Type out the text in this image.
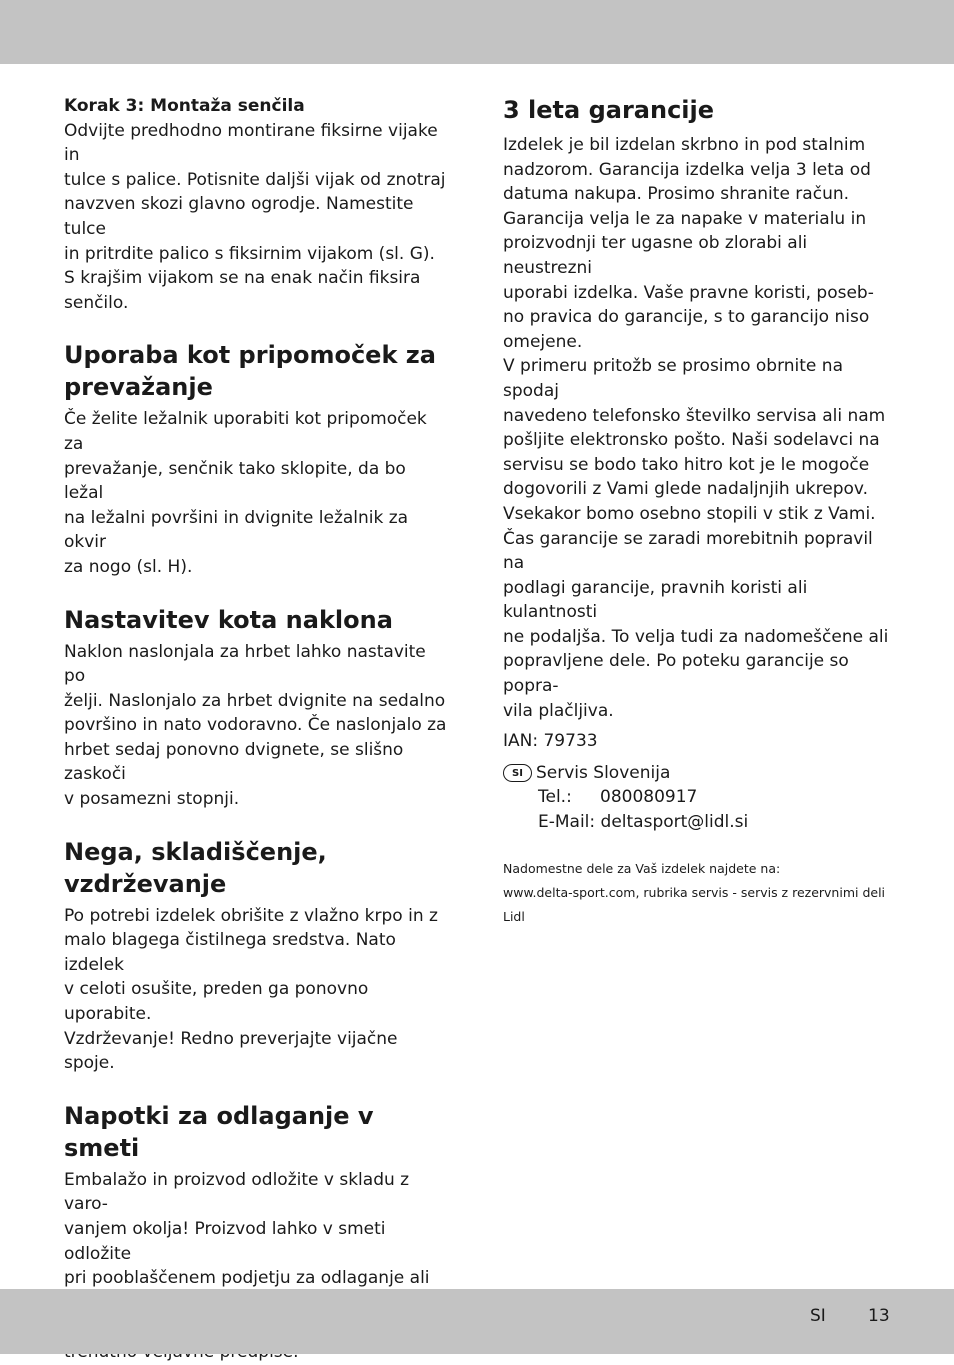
Korak 3: Montaža senčila

Odvijte predhodno montirane fiksirne vijake in

tulce s palice. Potisnite daljši vijak od znotraj

navzven skozi glavno ogrodje. Namestite tulce

in pritrdite palico s fiksirnim vijakom (sl. G).

S krajšim vijakom se na enak način fiksira

senčilo.

Uporaba kot pripomoček za
prevažanje

Če želite ležalnik uporabiti kot pripomoček za

prevažanje, senčnik tako sklopite, da bo ležal

na ležalni površini in dvignite ležalnik za okvir

za nogo (sl. H).

Nastavitev kota naklona

Naklon naslonjala za hrbet lahko nastavite po

želji. Naslonjalo za hrbet dvignite na sedalno

površino in nato vodoravno. Če naslonjalo za

hrbet sedaj ponovno dvignete, se slišno zaskoči

v posamezni stopnji.

Nega, skladiščenje,
vzdrževanje

Po potrebi izdelek obrišite z vlažno krpo in z

malo blagega čistilnega sredstva. Nato izdelek

v celoti osušite, preden ga ponovno uporabite.

Vzdrževanje! Redno preverjajte vijačne spoje.

Napotki za odlaganje v smeti

Embalažo in proizvod odložite v skladu z varo-

vanjem okolja! Proizvod lahko v smeti odložite

pri pooblaščenem podjetju za odlaganje ali

3 leta garancije

Izdelek je bil izdelan skrbno in pod stalnim

nadzorom. Garancija izdelka velja 3 leta od

datuma nakupa. Prosimo shranite račun.

Garancija velja le za napake v materialu in

proizvodnji ter ugasne ob zlorabi ali neustrezni

uporabi izdelka. Vaše pravne koristi, poseb-

no pravica do garancije, s to garancijo niso

omejene.

V primeru pritožb se prosimo obrnite na spodaj

navedeno telefonsko številko servisa ali nam

pošljite elektronsko pošto. Naši sodelavci na

servisu se bodo tako hitro kot je le mogoče

dogovorili z Vami glede nadaljnjih ukrepov.

Vsekakor bomo osebno stopili v stik z Vami.

Čas garancije se zaradi morebitnih popravil na

podlagi garancije, pravnih koristi ali kulantnosti

ne podaljša. To velja tudi za nadomeščene ali

popravljene dele. Po poteku garancije so popra-

vila plačljiva.

IAN: 79733

SI Servis Slovenija
Tel.:	080080917
E-Mail: deltasport@lidl.si

Nadomestne dele za Vaš izdelek najdete na:

www.delta-sport.com, rubrika servis - servis z rezervnimi deli

Lidl

SI 13
